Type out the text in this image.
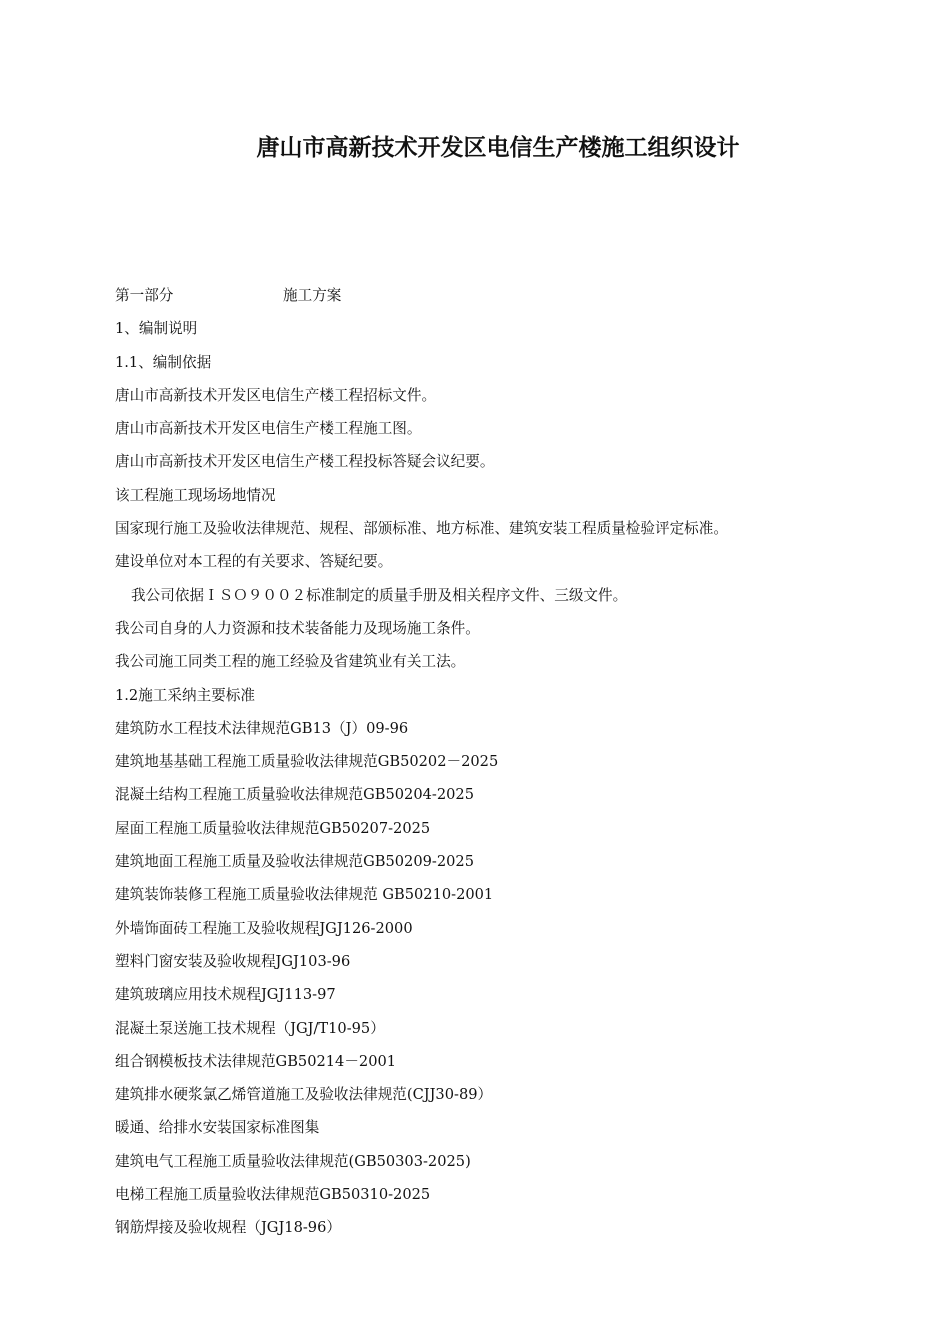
唐山市高新技术开发区电信生产楼施工组织设计
第一部分	施工方案
1、编制说明
1.1、编制依据
唐山市高新技术开发区电信生产楼工程招标文件。
唐山市高新技术开发区电信生产楼工程施工图。
唐山市高新技术开发区电信生产楼工程投标答疑会议纪要。
该工程施工现场场地情况
国家现行施工及验收法律规范、规程、部颁标准、地方标准、建筑安装工程质量检验评定标准。
建设单位对本工程的有关要求、答疑纪要。
我公司依据ＩＳＯ９００２标准制定的质量手册及相关程序文件、三级文件。
我公司自身的人力资源和技术装备能力及现场施工条件。
我公司施工同类工程的施工经验及省建筑业有关工法。
1.2施工采纳主要标准
建筑防水工程技术法律规范GB13（J）09-96
建筑地基基础工程施工质量验收法律规范GB50202－2025
混凝土结构工程施工质量验收法律规范GB50204-2025
屋面工程施工质量验收法律规范GB50207-2025
建筑地面工程施工质量及验收法律规范GB50209-2025
建筑装饰装修工程施工质量验收法律规范 GB50210-2001
外墙饰面砖工程施工及验收规程JGJ126-2000
塑料门窗安装及验收规程JGJ103-96
建筑玻璃应用技术规程JGJ113-97
混凝土泵送施工技术规程（JGJ/T10-95）
组合钢模板技术法律规范GB50214－2001
建筑排水硬浆氯乙烯管道施工及验收法律规范(CJJ30-89）
暖通、给排水安装国家标准图集
建筑电气工程施工质量验收法律规范(GB50303-2025)
电梯工程施工质量验收法律规范GB50310-2025
钢筋焊接及验收规程（JGJ18-96）
